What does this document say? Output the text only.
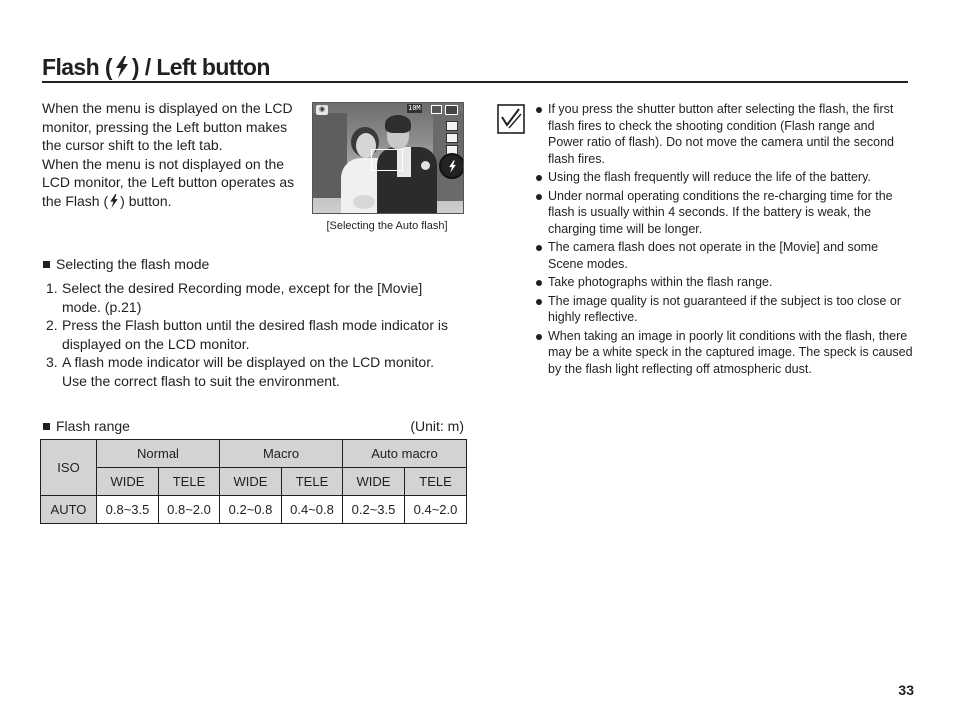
Flash ( ) / Left button

When the menu is displayed on the LCD monitor, pressing the Left button makes the cursor shift to the left tab.

When the menu is not displayed on the LCD monitor, the Left button operates as the Flash ( ) button.

◉	10M
[Selecting the Auto flash]
Selecting the flash mode
1. Select the desired Recording mode, except for the [Movie] mode. (p.21)
2. Press the Flash button until the desired flash mode indicator is displayed on the LCD monitor.
3. A flash mode indicator will be displayed on the LCD monitor. Use the correct flash to suit the environment.
Flash range	(Unit: m)
ISO	Normal		Macro		Auto macro	
	WIDE	TELE	WIDE	TELE	WIDE	TELE
AUTO	0.8~3.5	0.8~2.0	0.2~0.8	0.4~0.8	0.2~3.5	0.4~2.0
If you press the shutter button after selecting the flash, the first flash fires to check the shooting condition (Flash range and Power ratio of flash). Do not move the camera until the second flash fires.
Using the flash frequently will reduce the life of the battery.
Under normal operating conditions the re-charging time for the flash is usually within 4 seconds. If the battery is weak, the charging time will be longer.
The camera flash does not operate in the [Movie] and some Scene modes.
Take photographs within the flash range.
The image quality is not guaranteed if the subject is too close or highly reflective.
When taking an image in poorly lit conditions with the flash, there may be a white speck in the captured image. The speck is caused by the flash light reflecting off atmospheric dust.
33
